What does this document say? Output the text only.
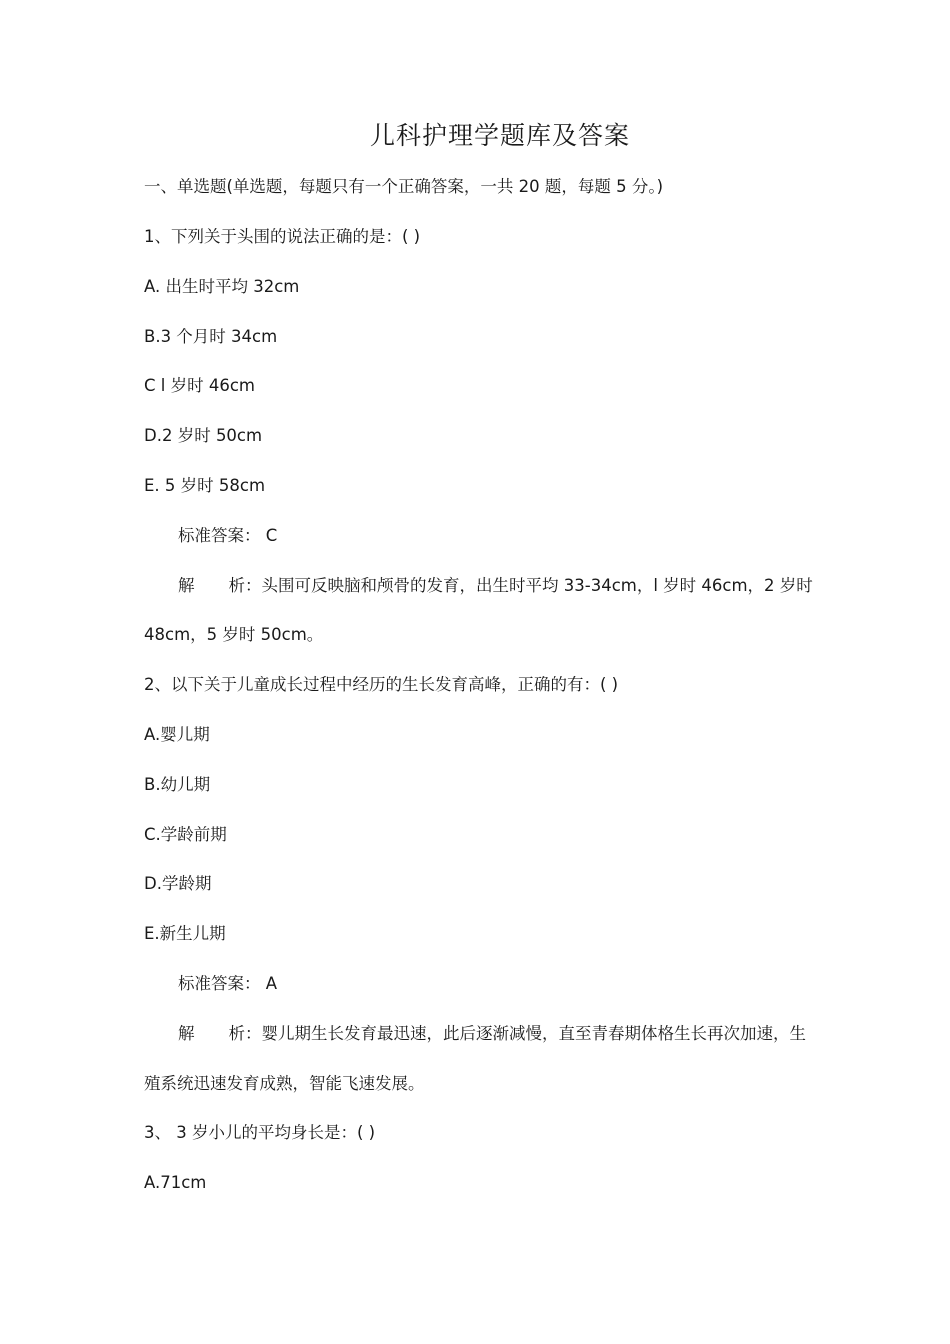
儿科护理学题库及答案
一、单选题(单选题，每题只有一个正确答案，一共 20 题，每题 5 分。)
1、下列关于头围的说法正确的是：( )
A. 出生时平均 32cm
B.3 个月时 34cm
C l 岁时 46cm
D.2 岁时 50cm
E. 5 岁时 58cm
标准答案： C
解 析：头围可反映脑和颅骨的发育，出生时平均 33-34cm，l 岁时 46cm，2 岁时
48cm，5 岁时 50cm。
2、以下关于儿童成长过程中经历的生长发育高峰，正确的有：( )
A.婴儿期
B.幼儿期
C.学龄前期
D.学龄期
E.新生儿期
标准答案： A
解 析：婴儿期生长发育最迅速，此后逐渐减慢，直至青春期体格生长再次加速，生
殖系统迅速发育成熟，智能飞速发展。
3、 3 岁小儿的平均身长是：( )
A.71cm
